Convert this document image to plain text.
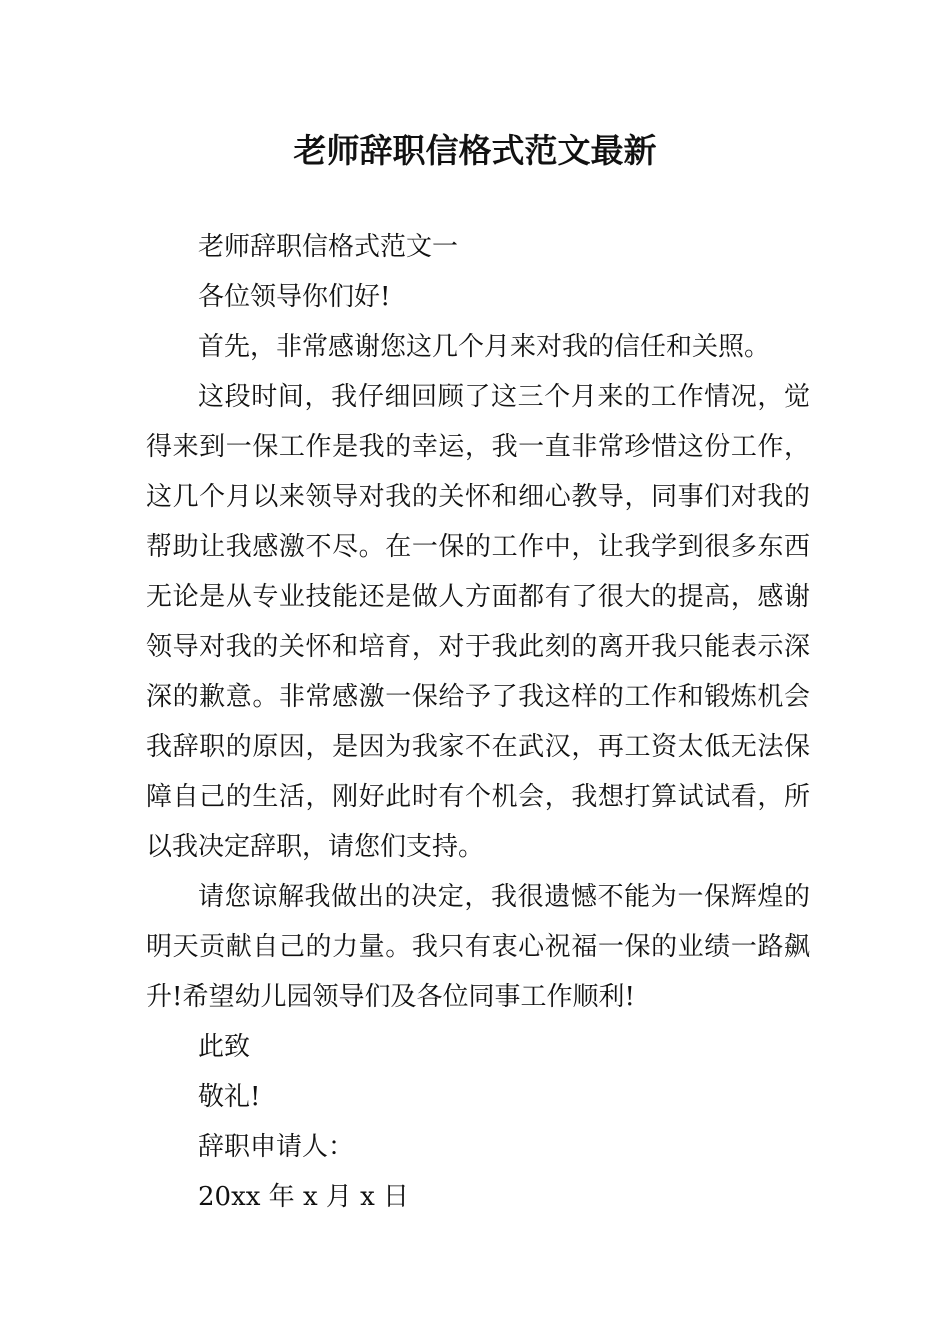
老师辞职信格式范文最新

老师辞职信格式范文一

各位领导你们好!

首先，非常感谢您这几个月来对我的信任和关照。

这段时间，我仔细回顾了这三个月来的工作情况，觉得来到一保工作是我的幸运，我一直非常珍惜这份工作，这几个月以来领导对我的关怀和细心教导，同事们对我的帮助让我感激不尽。在一保的工作中，让我学到很多东西无论是从专业技能还是做人方面都有了很大的提高，感谢领导对我的关怀和培育，对于我此刻的离开我只能表示深深的歉意。非常感激一保给予了我这样的工作和锻炼机会我辞职的原因，是因为我家不在武汉，再工资太低无法保障自己的生活，刚好此时有个机会，我想打算试试看，所以我决定辞职，请您们支持。

请您谅解我做出的决定，我很遗憾不能为一保辉煌的明天贡献自己的力量。我只有衷心祝福一保的业绩一路飙升!希望幼儿园领导们及各位同事工作顺利!

此致

敬礼!

辞职申请人：

20xx 年 x 月 x 日
